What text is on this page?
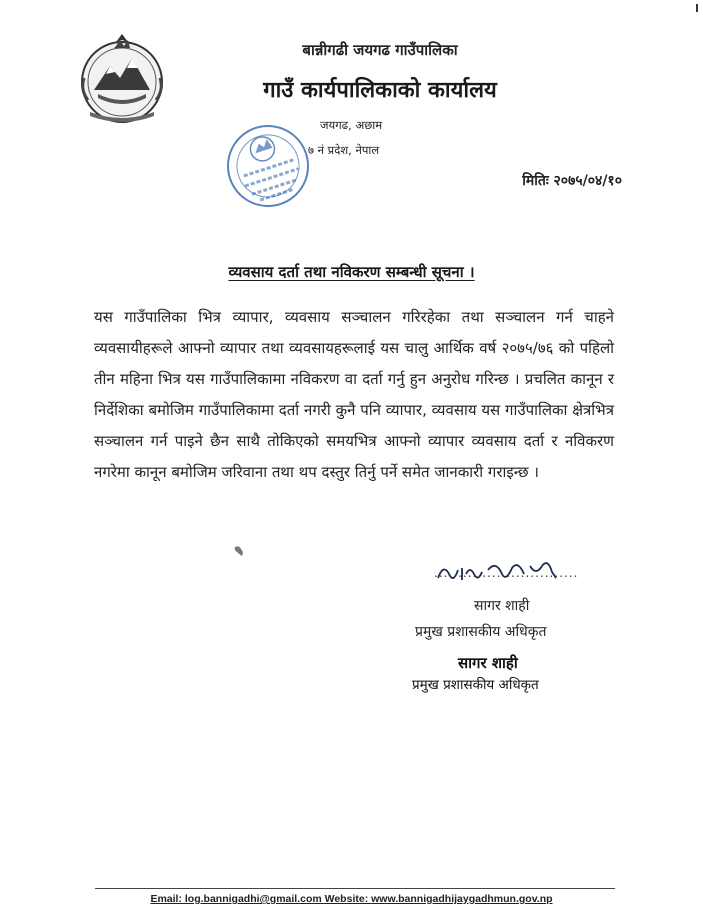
बान्नीगढी जयगढ गाउँपालिका
गाउँ कार्यपालिकाको कार्यालय
जयगढ, अछाम
७ नं प्रदेश, नेपाल
मितिः २०७५/०४/१०
व्यवसाय दर्ता तथा नविकरण सम्बन्धी सूचना ।
यस गाउँपालिका भित्र व्यापार, व्यवसाय सञ्चालन गरिरहेका तथा सञ्चालन गर्न चाहने व्यवसायीहरूले आफ्नो व्यापार तथा व्यवसायहरूलाई यस चालु आर्थिक वर्ष २०७५/७६ को पहिलो तीन महिना भित्र यस गाउँपालिकामा नविकरण वा दर्ता गर्नु हुन अनुरोध गरिन्छ । प्रचलित कानून र निर्देशिका बमोजिम गाउँपालिकामा दर्ता नगरी कुनै पनि व्यापार, व्यवसाय यस गाउँपालिका क्षेत्रभित्र सञ्चालन गर्न पाइने छैन साथै तोकिएको समयभित्र आफ्नो व्यापार व्यवसाय दर्ता र नविकरण नगरेमा कानून बमोजिम जरिवाना तथा थप दस्तुर तिर्नु पर्ने समेत जानकारी गराइन्छ ।
..............................
सागर शाही
प्रमुख प्रशासकीय अधिकृत
सागर शाही
प्रमुख प्रशासकीय अधिकृत
Email: log.bannigadhi@gmail.com Website: www.bannigadhijaygadhmun.gov.np
